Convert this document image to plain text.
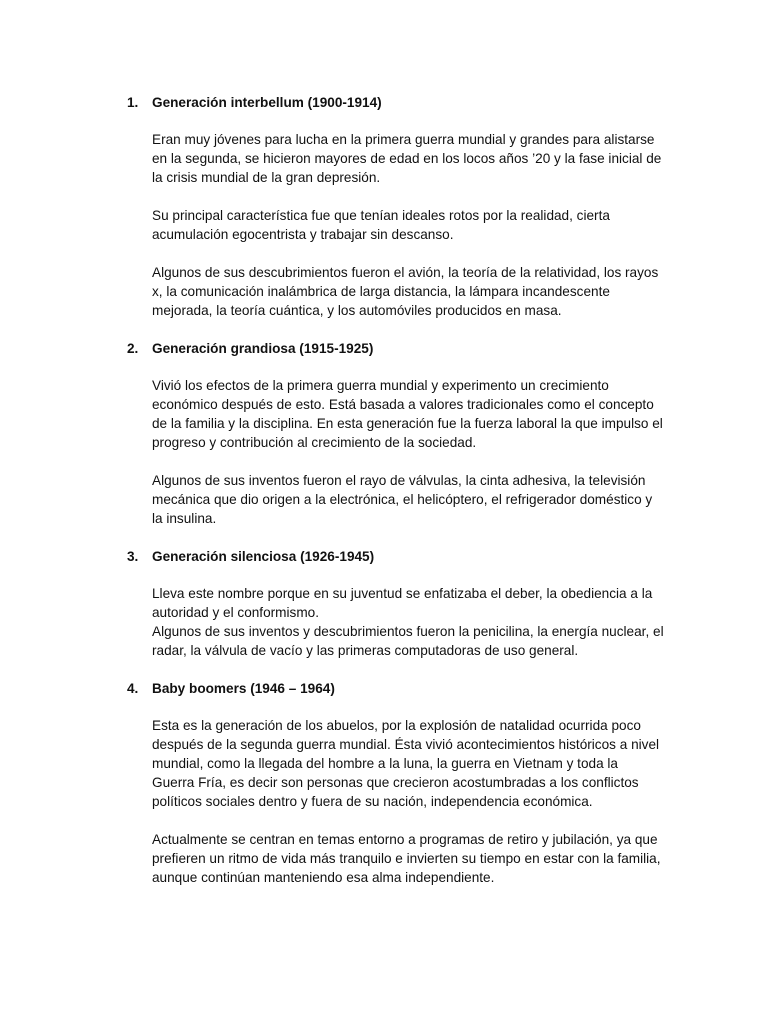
1. Generación interbellum (1900-1914)

Eran muy jóvenes para lucha en la primera guerra mundial y grandes para alistarse en la segunda, se hicieron mayores de edad en los locos años ’20 y la fase inicial de la crisis mundial de la gran depresión.

Su principal característica fue que tenían ideales rotos por la realidad, cierta acumulación egocentrista y trabajar sin descanso.

Algunos de sus descubrimientos fueron el avión, la teoría de la relatividad, los rayos x, la comunicación inalámbrica de larga distancia, la lámpara incandescente mejorada, la teoría cuántica, y los automóviles producidos en masa.

2. Generación grandiosa (1915-1925)

Vivió los efectos de la primera guerra mundial y experimento un crecimiento económico después de esto. Está basada a valores tradicionales como el concepto de la familia y la disciplina. En esta generación fue la fuerza laboral la que impulso el progreso y contribución al crecimiento de la sociedad.

Algunos de sus inventos fueron el rayo de válvulas, la cinta adhesiva, la televisión mecánica que dio origen a la electrónica, el helicóptero, el refrigerador doméstico y la insulina.

3. Generación silenciosa (1926-1945)

Lleva este nombre porque en su juventud se enfatizaba el deber, la obediencia a la autoridad y el conformismo.

Algunos de sus inventos y descubrimientos fueron la penicilina, la energía nuclear, el radar, la válvula de vacío y las primeras computadoras de uso general.

4. Baby boomers (1946 – 1964)

Esta es la generación de los abuelos, por la explosión de natalidad ocurrida poco después de la segunda guerra mundial. Ésta vivió acontecimientos históricos a nivel mundial, como la llegada del hombre a la luna, la guerra en Vietnam y toda la Guerra Fría, es decir son personas que crecieron acostumbradas a los conflictos políticos sociales dentro y fuera de su nación, independencia económica.

Actualmente se centran en temas entorno a programas de retiro y jubilación, ya que prefieren un ritmo de vida más tranquilo e invierten su tiempo en estar con la familia, aunque continúan manteniendo esa alma independiente.
